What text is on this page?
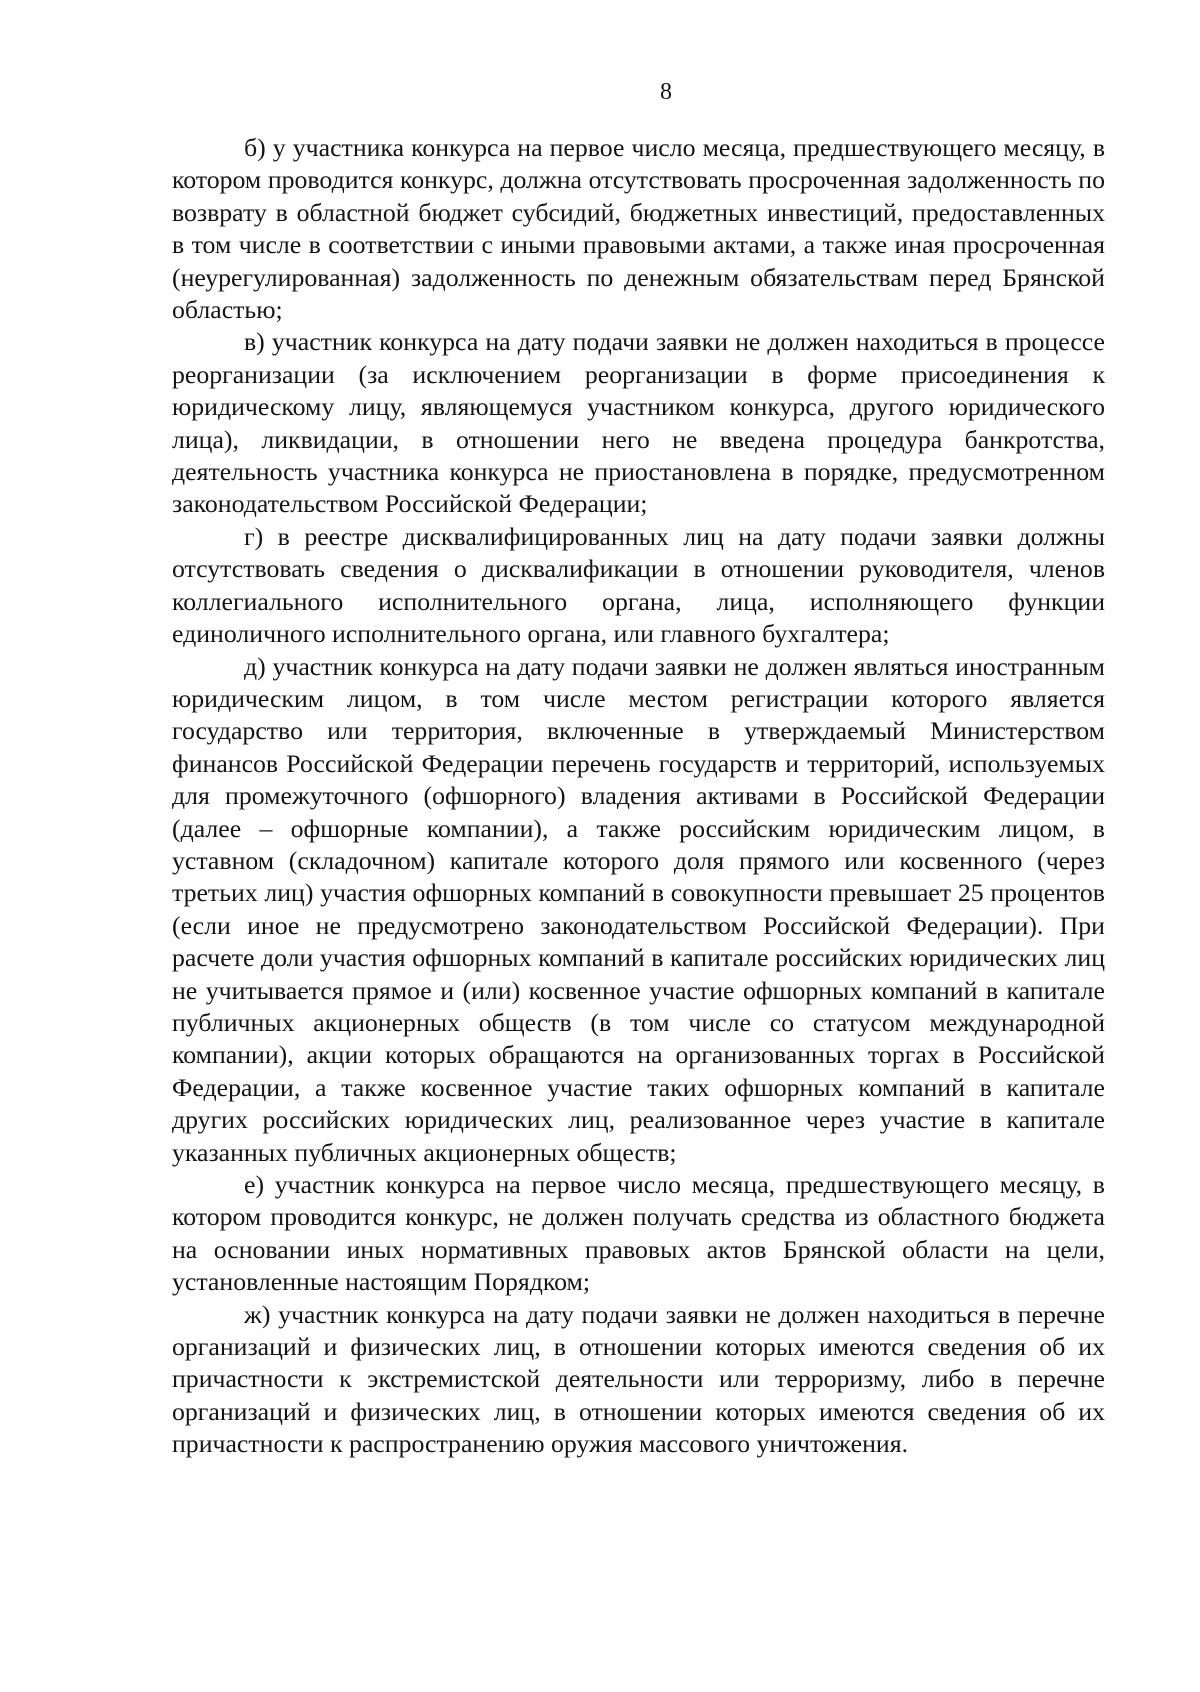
8

б) у участника конкурса на первое число месяца, предшествующего месяцу, в котором проводится конкурс, должна отсутствовать просроченная задолженность по возврату в областной бюджет субсидий, бюджетных инвестиций, предоставленных в том числе в соответствии с иными правовыми актами, а также иная просроченная (неурегулированная) задолженность по денежным обязательствам перед Брянской областью;

в) участник конкурса на дату подачи заявки не должен находиться в процессе реорганизации (за исключением реорганизации в форме присоединения к юридическому лицу, являющемуся участником конкурса, другого юридического лица), ликвидации, в отношении него не введена процедура банкротства, деятельность участника конкурса не приостановлена в порядке, предусмотренном законодательством Российской Федерации;

г) в реестре дисквалифицированных лиц на дату подачи заявки должны отсутствовать сведения о дисквалификации в отношении руководителя, членов коллегиального исполнительного органа, лица, исполняющего функции единоличного исполнительного органа, или главного бухгалтера;

д) участник конкурса на дату подачи заявки не должен являться иностранным юридическим лицом, в том числе местом регистрации которого является государство или территория, включенные в утверждаемый Министерством финансов Российской Федерации перечень государств и территорий, используемых для промежуточного (офшорного) владения активами в Российской Федерации (далее – офшорные компании), а также российским юридическим лицом, в уставном (складочном) капитале которого доля прямого или косвенного (через третьих лиц) участия офшорных компаний в совокупности превышает 25 процентов (если иное не предусмотрено законодательством Российской Федерации). При расчете доли участия офшорных компаний в капитале российских юридических лиц не учитывается прямое и (или) косвенное участие офшорных компаний в капитале публичных акционерных обществ (в том числе со статусом международной компании), акции которых обращаются на организованных торгах в Российской Федерации, а также косвенное участие таких офшорных компаний в капитале других российских юридических лиц, реализованное через участие в капитале указанных публичных акционерных обществ;

е) участник конкурса на первое число месяца, предшествующего месяцу, в котором проводится конкурс, не должен получать средства из областного бюджета на основании иных нормативных правовых актов Брянской области на цели, установленные настоящим Порядком;

ж) участник конкурса на дату подачи заявки не должен находиться в перечне организаций и физических лиц, в отношении которых имеются сведения об их причастности к экстремистской деятельности или терроризму, либо в перечне организаций и физических лиц, в отношении которых имеются сведения об их причастности к распространению оружия массового уничтожения.
